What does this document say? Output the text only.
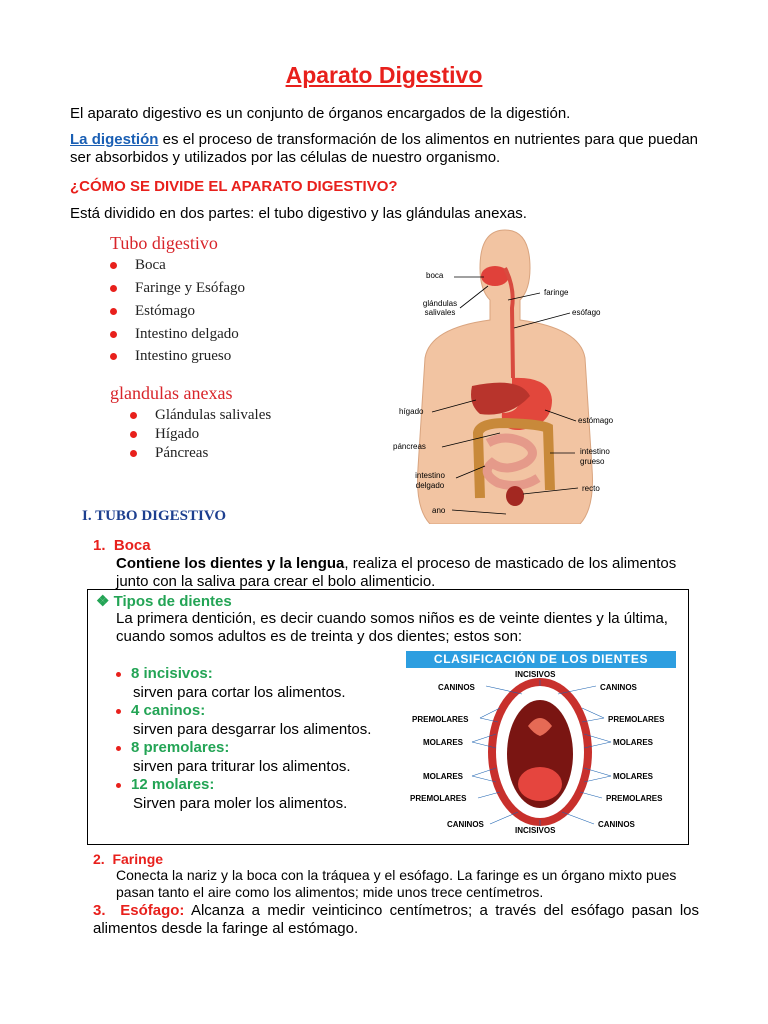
Aparato Digestivo
El aparato digestivo es un conjunto de órganos encargados de la digestión.
La digestión es el proceso de transformación de los alimentos en nutrientes para que puedan ser absorbidos y utilizados por las células de nuestro organismo.
¿CÓMO SE DIVIDE EL APARATO DIGESTIVO?
Está dividido en dos partes: el tubo digestivo y las glándulas anexas.
Tubo digestivo
Boca
Faringe y Esófago
Estómago
Intestino delgado
Intestino grueso
glandulas anexas
Glándulas salivales
Hígado
Páncreas
boca
glándulas
salivales
faringe
esófago
hígado
estómago
páncreas
intestino
grueso
intestino
delgado	recto
ano
I. TUBO DIGESTIVO
1. Boca
Contiene los dientes y la lengua, realiza el proceso de masticado de los alimentos junto con la saliva para crear el bolo alimenticio.
❖ Tipos de dientes
La primera dentición, es decir cuando somos niños es de veinte dientes y la última, cuando somos adultos es de treinta y dos dientes; estos son:
8 incisivos:
sirven para cortar los alimentos.
4 caninos:
sirven para desgarrar los alimentos.
8 premolares:
sirven para triturar los alimentos.
12 molares:
Sirven para moler los alimentos.
CLASIFICACIÓN DE LOS DIENTES
INCISIVOS
CANINOS	CANINOS
PREMOLARES	PREMOLARES
MOLARES	MOLARES
MOLARES	MOLARES
PREMOLARES	PREMOLARES
CANINOS	CANINOS
INCISIVOS
2. Faringe
Conecta la nariz y la boca con la tráquea y el esófago. La faringe es un órgano mixto pues pasan tanto el aire como los alimentos; mide unos trece centímetros.
3. Esófago: Alcanza a medir veinticinco centímetros; a través del esófago pasan los alimentos desde la faringe al estómago.
